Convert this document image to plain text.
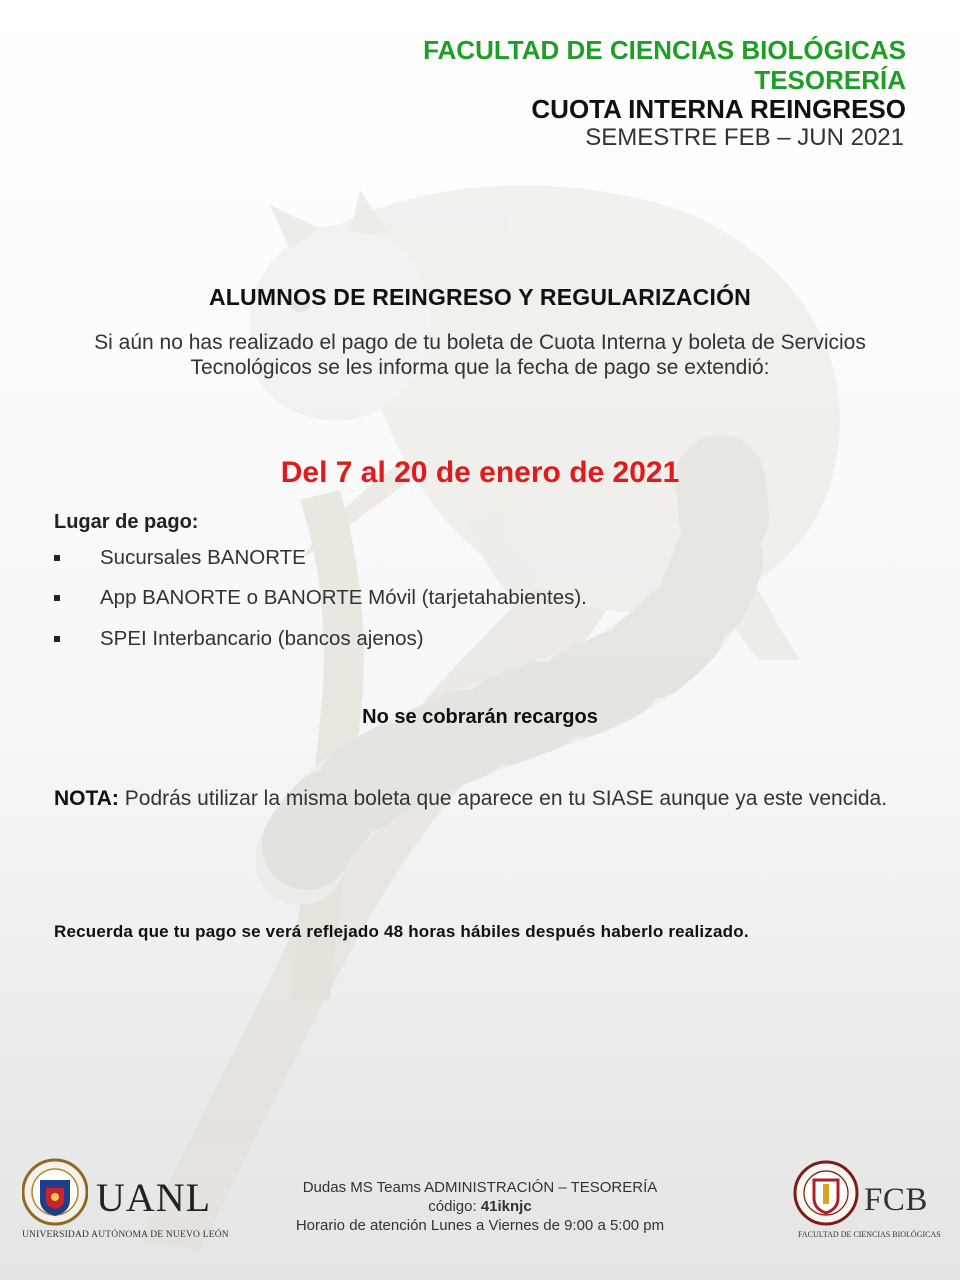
FACULTAD DE CIENCIAS BIOLÓGICAS
TESORERÍA
CUOTA INTERNA REINGRESO
SEMESTRE FEB – JUN 2021
ALUMNOS DE REINGRESO Y REGULARIZACIÓN
Si aún no has realizado el pago de tu boleta de Cuota Interna y boleta de Servicios Tecnológicos se les informa que la fecha de pago se extendió:
Del 7 al 20 de enero de 2021
Lugar de pago:
Sucursales BANORTE
App BANORTE o BANORTE Móvil (tarjetahabientes).
SPEI Interbancario (bancos ajenos)
No se cobrarán recargos
NOTA: Podrás utilizar la misma boleta que aparece en tu SIASE aunque ya este vencida.
Recuerda que tu pago se verá reflejado 48 horas hábiles después haberlo realizado.
Dudas MS Teams ADMINISTRACIÓN – TESORERÍA
código: 41iknjc
Horario de atención Lunes a Viernes de 9:00 a 5:00 pm
UANL
UNIVERSIDAD AUTÓNOMA DE NUEVO LEÓN
FCB
FACULTAD DE CIENCIAS BIOLÓGICAS
